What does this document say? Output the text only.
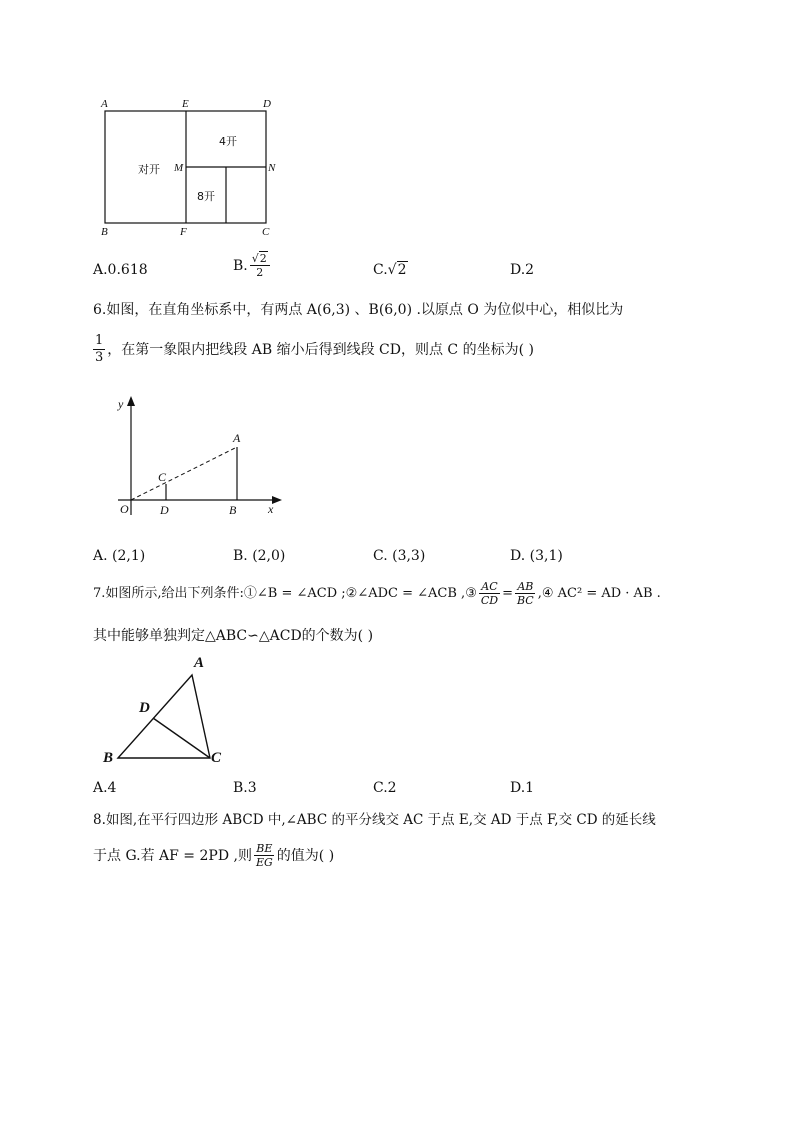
A	E	D
M	N
B	F	C
对开
4开
8开
A.0.618	B. $\frac{√2}{2}$	C.√2	D.2
6.如图，在直角坐标系中，有两点 A(6,3) 、B(6,0) .以原点 O 为位似中心，相似比为
$\frac{1}{3}$ ，在第一象限内把线段 AB 缩小后得到线段 CD，则点 C 的坐标为( )
y
x
O
A
B
C
D
A. (2,1)	B. (2,0)	C. (3,3)	D. (3,1)
7.如图所示,给出下列条件:①∠B = ∠ACD ;②∠ADC = ∠ACB ,③ $\frac{AC}{CD} = \frac{AB}{BC}$ ,④ AC² = AD · AB .
其中能够单独判定△ABC∽△ACD的个数为( )
A
D
B	C
A.4	B.3	C.2	D.1
8.如图,在平行四边形 ABCD 中,∠ABC 的平分线交 AC 于点 E,交 AD 于点 F,交 CD 的延长线
于点 G.若 AF = 2PD ,则 $\frac{BE}{EG}$ 的值为( )
